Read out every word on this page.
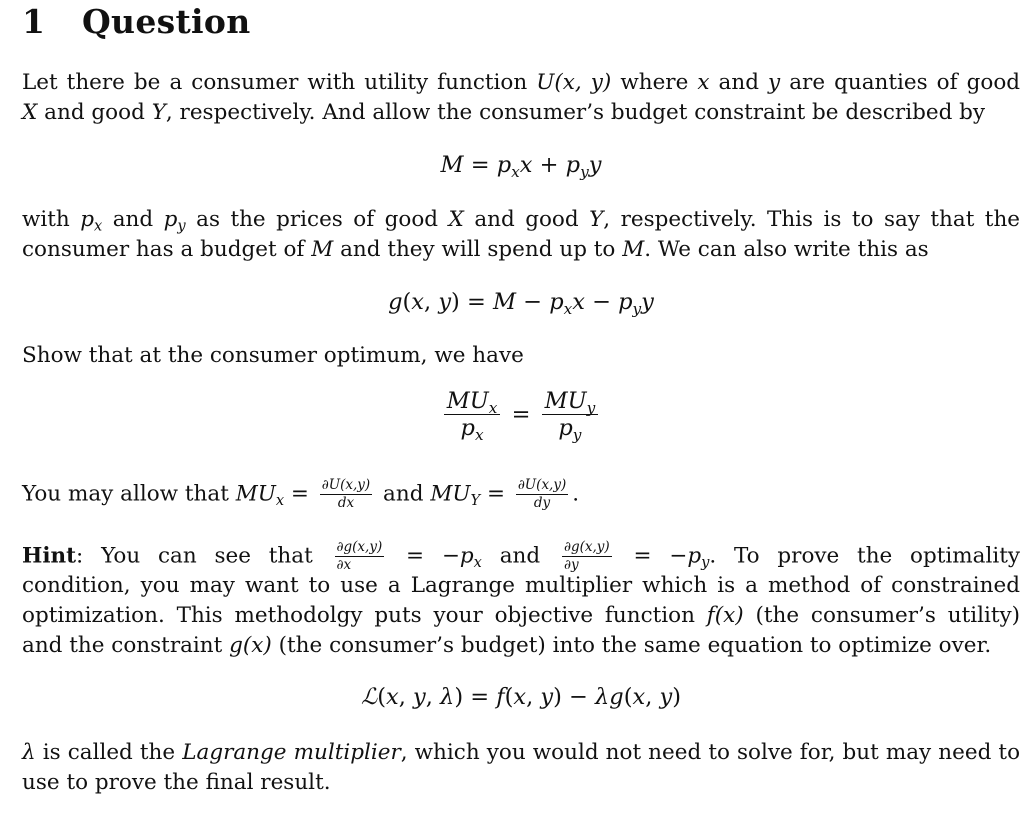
1 Question
Let there be a consumer with utility function U(x, y) where x and y are quanties of good
X and good Y, respectively. And allow the consumer’s budget constraint be described by
$M = p_xx + p_yy$
with $p_x$ and $p_y$ as the prices of good X and good Y, respectively. This is to say that the
consumer has a budget of M and they will spend up to M. We can also write this as
g(x, $y) = M - p_xx - p_yy$
Show that at the consumer optimum, we have
$\frac{MU_x}{p_x} = \frac{MU_y}{p_y}$
You may allow that $MU_x = \frac{\partial U(x,y)}{dx}$ and $MU_Y = \frac{\partial U(x,y)}{dy}$ .
Hint: You can see that $\frac{\partial g(x,y)}{\partial x} = -p_x$ and $\frac{\partial g(x,y)}{\partial y} = -p_y$. To prove the optimality
condition, you may want to use a Lagrange multiplier which is a method of constrained
optimization. This methodolgy puts your objective function f(x) (the consumer’s utility)
and the constraint g(x) (the consumer’s budget) into the same equation to optimize over.
ℒ(x, y, λ) = f(x, y) − λg(x, y)
λ is called the Lagrange multiplier, which you would not need to solve for, but may need to
use to prove the final result.
